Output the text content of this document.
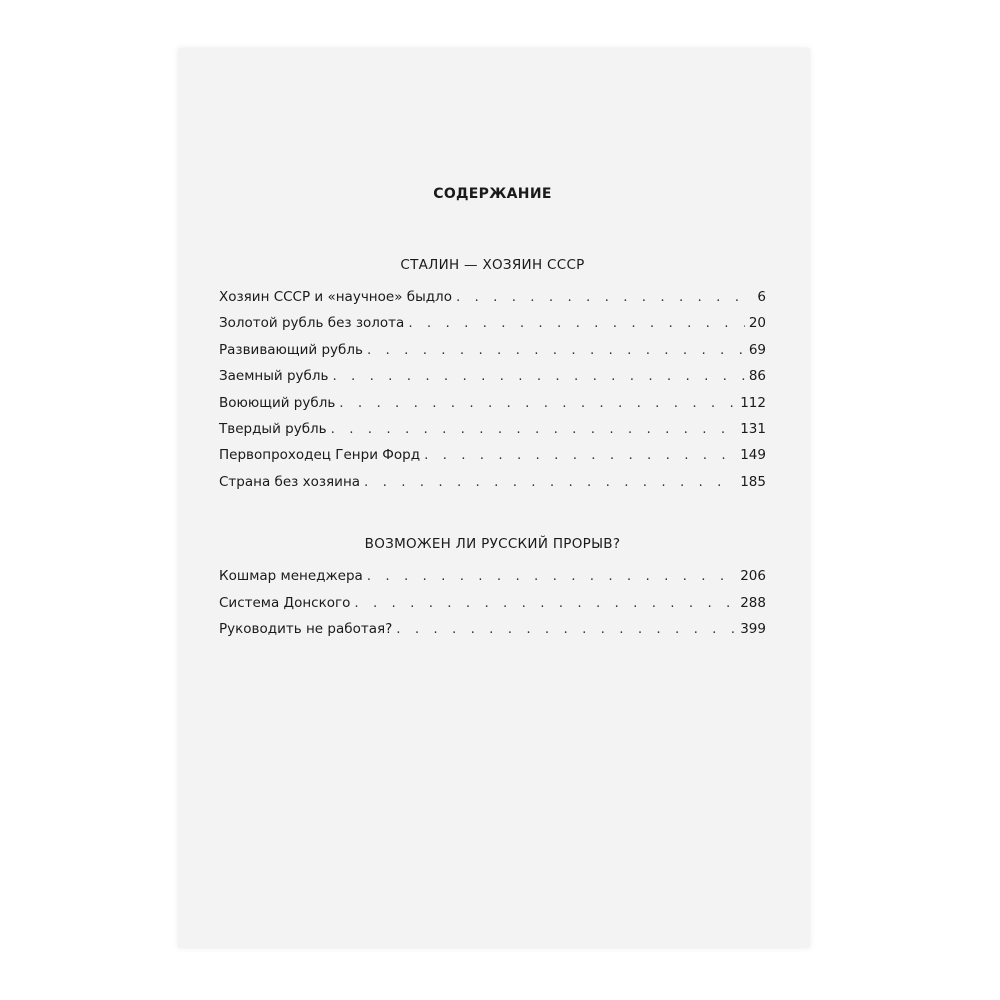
СОДЕРЖАНИЕ
СТАЛИН — ХОЗЯИН СССР
Хозяин СССР и «научное» быдло . . .	6
Золотой рубль без золота . . .	20
Развивающий рубль . . .	69
Заемный рубль . . .	86
Воюющий рубль . . .	112
Твердый рубль . . .	131
Первопроходец Генри Форд . . .	149
Страна без хозяина . . .	185
ВОЗМОЖЕН ЛИ РУССКИЙ ПРОРЫВ?
Кошмар менеджера . . .	206
Система Донского . . .	288
Руководить не работая? . . .	399
